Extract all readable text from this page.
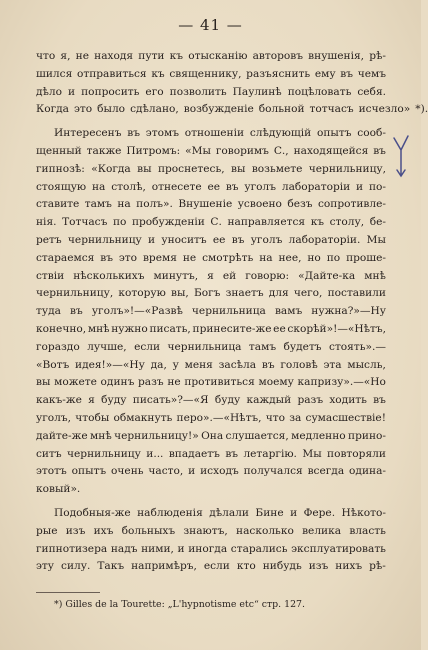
— 41 —
что я, не находя пути къ отысканію авторовъ внушенія, рѣ-
шился отправиться къ священнику, разъяснить ему въ чемъ
дѣло и попросить его позволить Паулинѣ поцѣловать себя.
Когда это было сдѣлано, возбужденіе больной тотчасъ исчезло» *).
Интересенъ въ этомъ отношеніи слѣдующій опытъ сооб-
щенный также Питромъ: «Мы говоримъ С., находящейся въ
гипнозѣ: «Когда вы проснетесь, вы возьмете чернильницу,
стоящую на столѣ, отнесете ее въ уголъ лабораторіи и по-
ставите тамъ на полъ». Внушеніе усвоено безъ сопротивле-
нія. Тотчасъ по пробужденіи С. направляется къ столу, бе-
ретъ чернильницу и уноситъ ее въ уголъ лабораторіи. Мы
стараемся въ это время не смотрѣть на нее, но по проше-
ствіи нѣсколькихъ минутъ, я ей говорю: «Дайте-ка мнѣ
чернильницу, которую вы, Богъ знаетъ для чего, поставили
туда въ уголъ»!—«Развѣ чернильница вамъ нужна?»—Ну
конечно, мнѣ нужно писать, принесите-же ее скорѣй»!—«Нѣтъ,
гораздо лучше, если чернильница тамъ будетъ стоять».—
«Вотъ идея!»—«Ну да, у меня засѣла въ головѣ эта мысль,
вы можете одинъ разъ не противиться моему капризу».—«Но
какъ-же я буду писать»?—«Я буду каждый разъ ходить въ
уголъ, чтобы обмакнуть перо».—«Нѣтъ, что за сумасшествіе!
дайте-же мнѣ чернильницу!» Она слушается, медленно прино-
ситъ чернильницу и... впадаетъ въ летаргію. Мы повторяли
этотъ опытъ очень часто, и исходъ получался всегда одина-
ковый».
Подобныя-же наблюденія дѣлали Бине и Фере. Нѣкото-
рые изъ ихъ больныхъ знаютъ, насколько велика власть
гипнотизера надъ ними, и иногда старались эксплуатировать
эту силу. Такъ напримѣръ, если кто нибудь изъ нихъ рѣ-
*) Gilles de la Tourette: „L'hypnotisme etc“ стр. 127.
